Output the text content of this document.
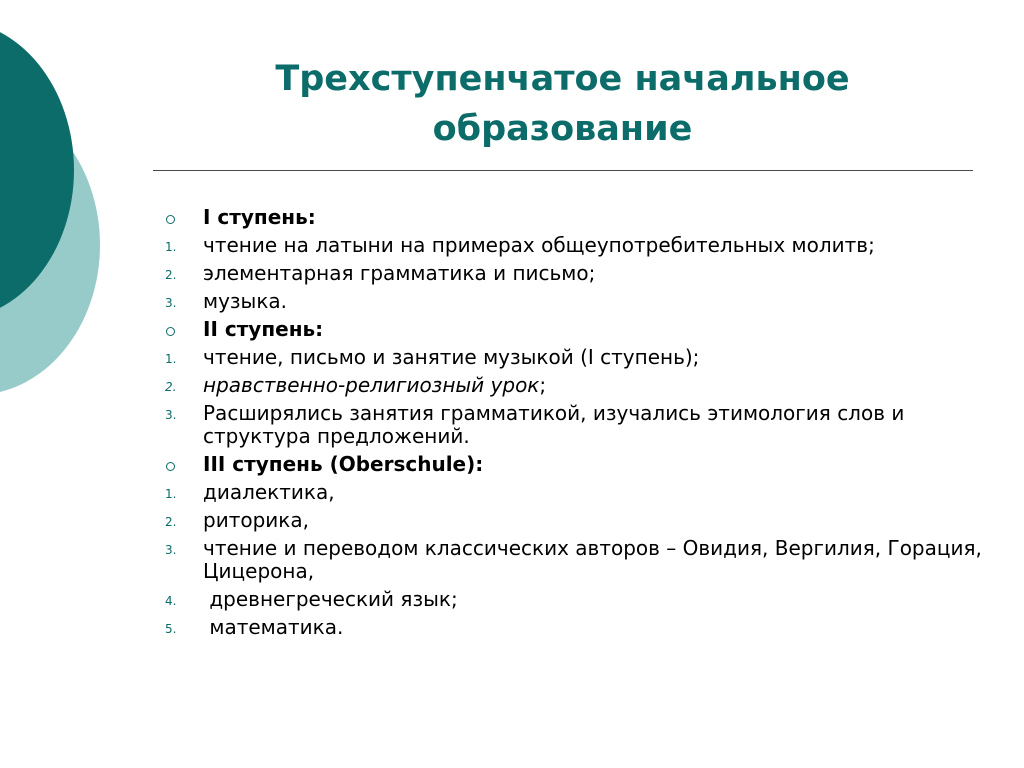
Трехступенчатое начальное
образование
I ступень:
1. чтение на латыни на примерах общеупотребительных молитв;
2. элементарная грамматика и письмо;
3. музыка.
II ступень:
1. чтение, письмо и занятие музыкой (I ступень);
2. нравственно-религиозный урок;
3. Расширялись занятия грамматикой, изучались этимология слов и структура предложений.
III ступень (Oberschule):
1. диалектика,
2. риторика,
3. чтение и переводом классических авторов – Овидия, Вергилия, Горация, Цицерона,
4. древнегреческий язык;
5. математика.
